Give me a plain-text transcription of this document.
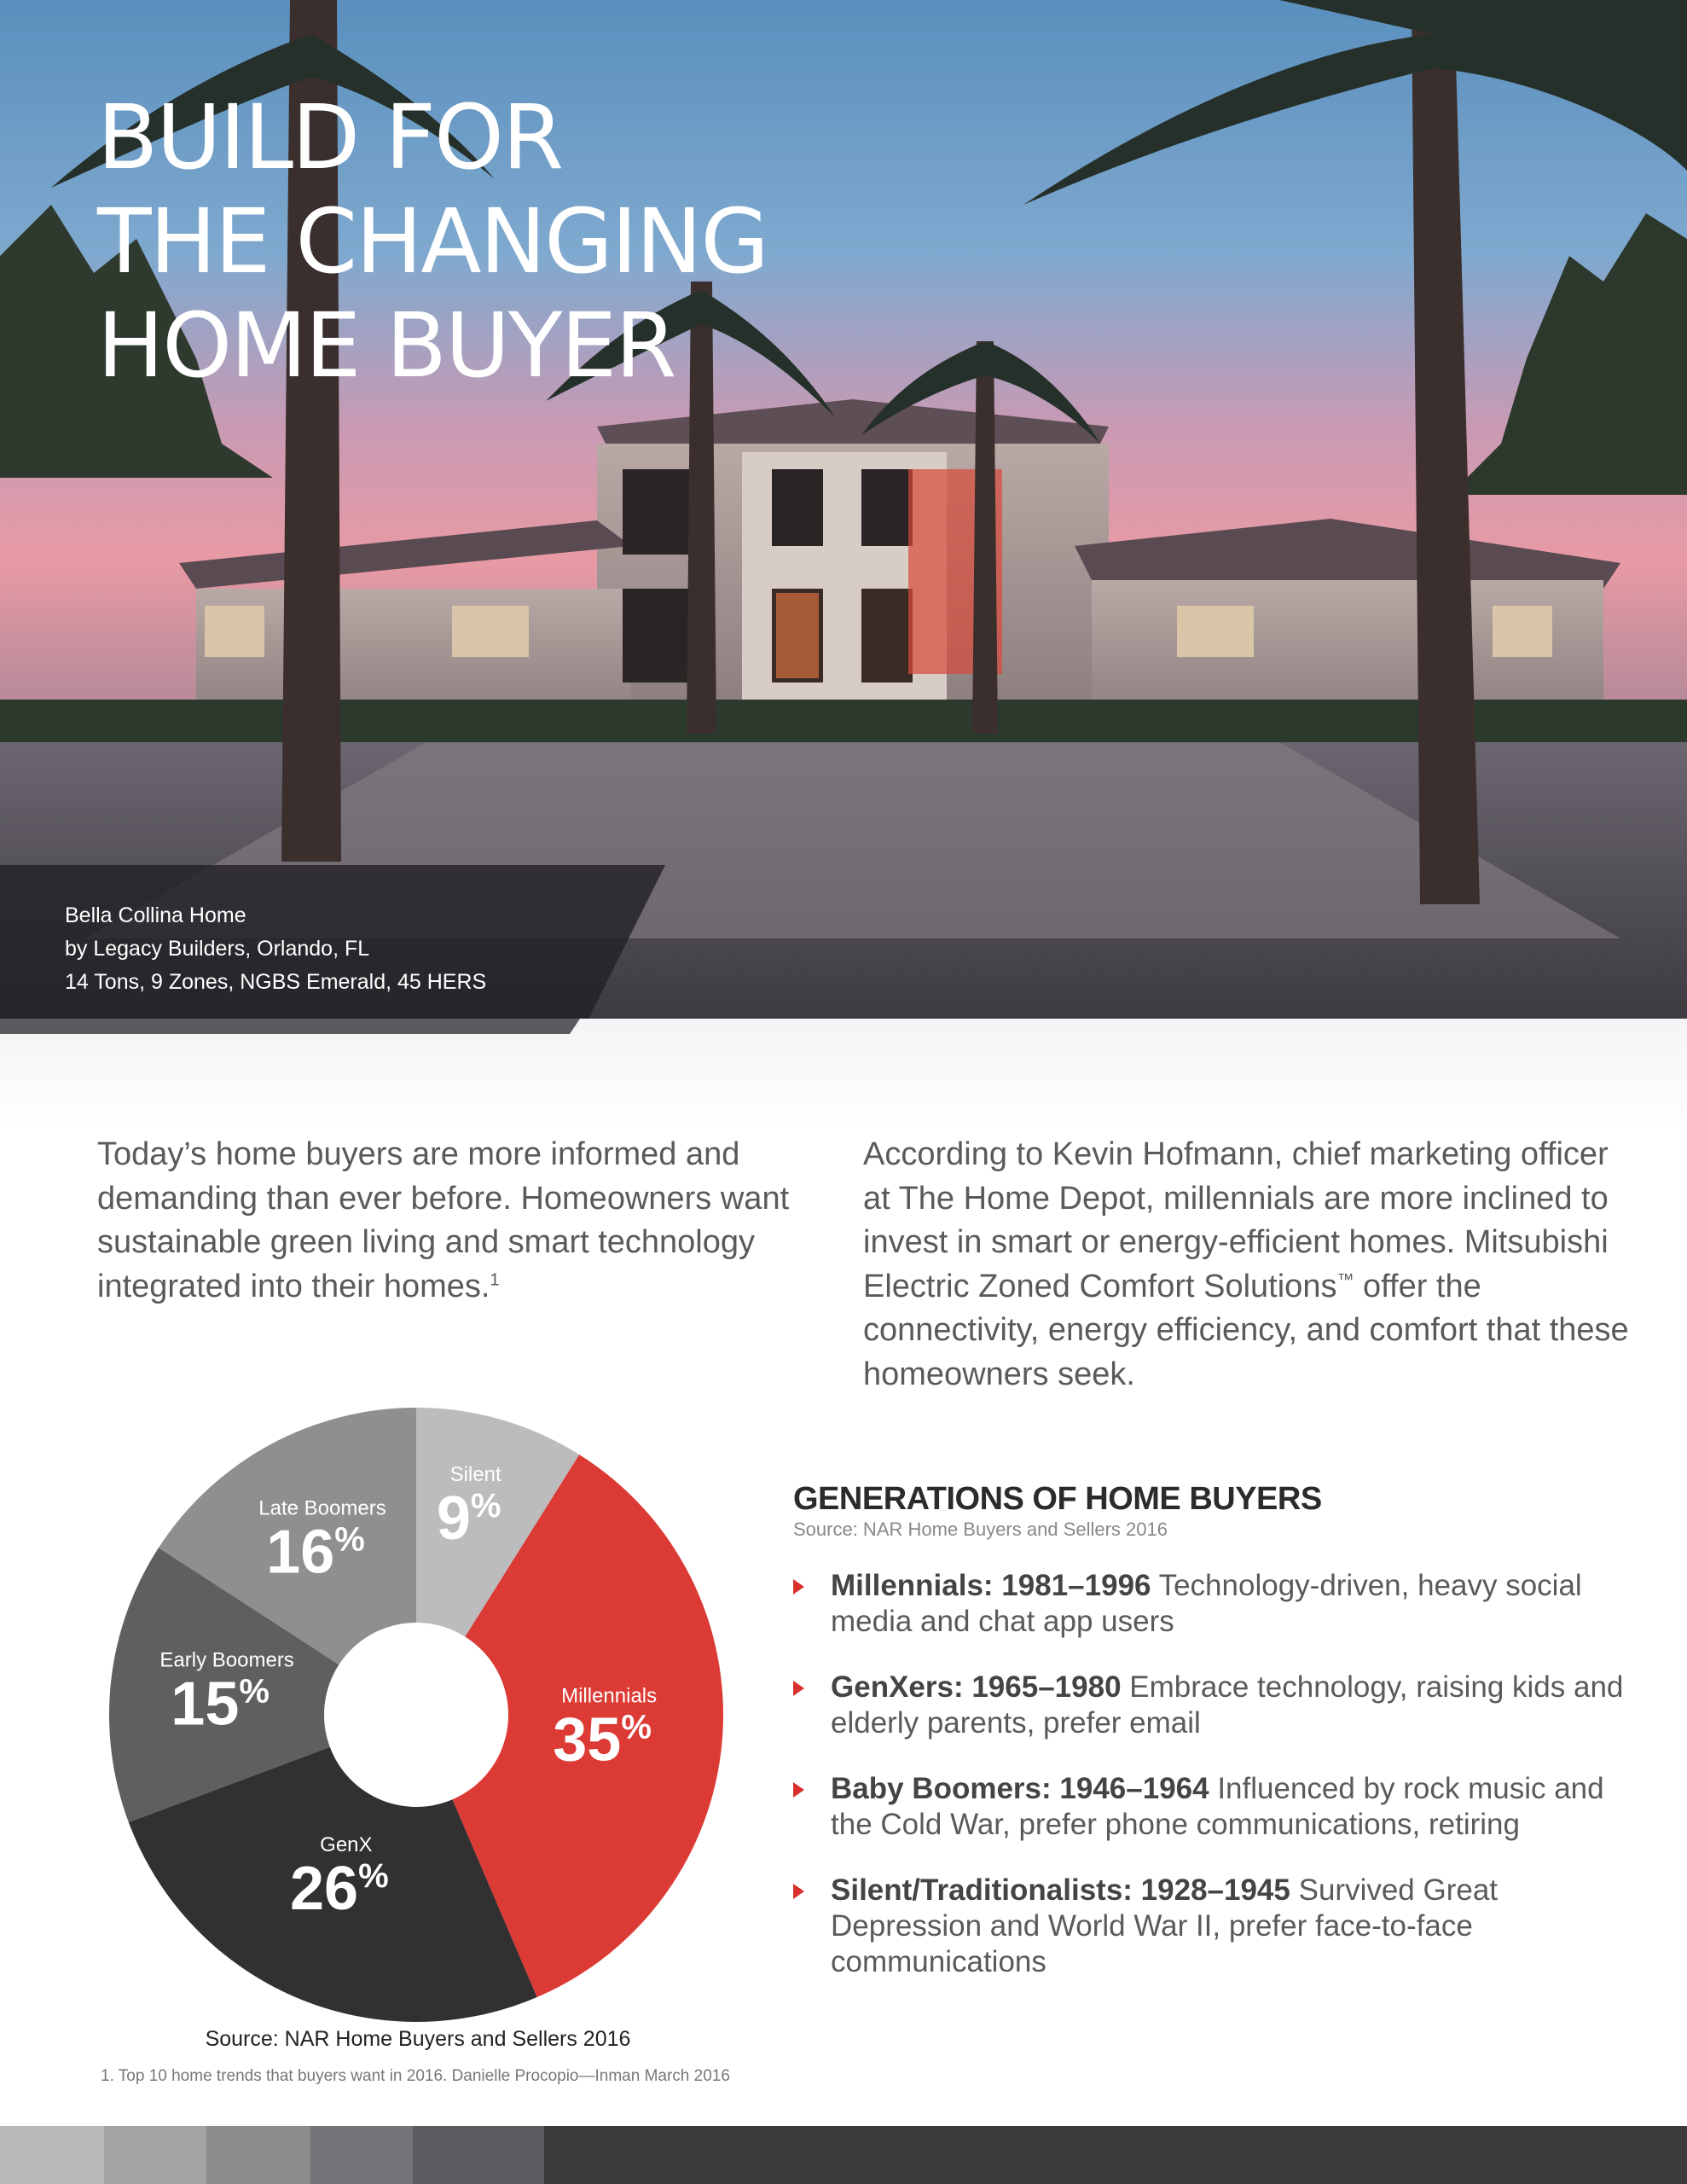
BUILD FOR
THE CHANGING
HOME BUYER
Bella Collina Home
by Legacy Builders, Orlando, FL
14 Tons, 9 Zones, NGBS Emerald, 45 HERS

Today’s home buyers are more informed and demanding than ever before. Homeowners want sustainable green living and smart technology integrated into their homes.$^1$

According to Kevin Hofmann, chief marketing officer at The Home Depot, millennials are more inclined to invest in smart or energy-efficient homes. Mitsubishi Electric Zoned Comfort Solutions™ offer the connectivity, energy efficiency, and comfort that these homeowners seek.

Silent
9%
Millennials
35%
GenX
26%
Early Boomers
15%
Late Boomers
16%
Source: NAR Home Buyers and Sellers 2016
1. Top 10 home trends that buyers want in 2016. Danielle Procopio—Inman March 2016
GENERATIONS OF HOME BUYERS
Source: NAR Home Buyers and Sellers 2016
Millennials: 1981–1996 Technology-driven, heavy social media and chat app users
GenXers: 1965–1980 Embrace technology, raising kids and elderly parents, prefer email
Baby Boomers: 1946–1964 Influenced by rock music and the Cold War, prefer phone communications, retiring
Silent/Traditionalists: 1928–1945 Survived Great Depression and World War II, prefer face-to-face communications
